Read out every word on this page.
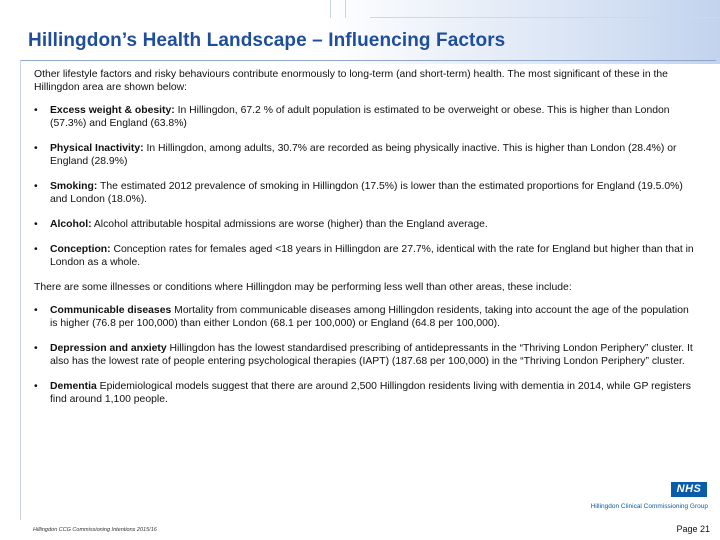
Hillingdon’s Health Landscape – Influencing Factors

Other lifestyle factors and risky behaviours contribute enormously to long-term (and short-term) health. The most significant of these in the Hillingdon area are shown below:

• Excess weight & obesity: In Hillingdon, 67.2 % of adult population is estimated to be overweight or obese. This is higher than London (57.3%) and England (63.8%)
• Physical Inactivity: In Hillingdon, among adults, 30.7% are recorded as being physically inactive. This is higher than London (28.4%) or England (28.9%)
• Smoking: The estimated 2012 prevalence of smoking in Hillingdon (17.5%) is lower than the estimated proportions for England (19.5.0%) and London (18.0%).
• Alcohol: Alcohol attributable hospital admissions are worse (higher) than the England average.
• Conception: Conception rates for females aged <18 years in Hillingdon are 27.7%, identical with the rate for England but higher than that in London as a whole.

There are some illnesses or conditions where Hillingdon may be performing less well than other areas, these include:

• Communicable diseases Mortality from communicable diseases among Hillingdon residents, taking into account the age of the population is higher (76.8 per 100,000) than either London (68.1 per 100,000) or England (64.8 per 100,000).
• Depression and anxiety Hillingdon has the lowest standardised prescribing of antidepressants in the “Thriving London Periphery” cluster. It also has the lowest rate of people entering psychological therapies (IAPT) (187.68 per 100,000) in the “Thriving London Periphery” cluster.
• Dementia Epidemiological models suggest that there are around 2,500 Hillingdon residents living with dementia in 2014, while GP registers find around 1,100 people.
NHS
Hillingdon Clinical Commissioning Group
Hillingdon CCG Commissioning Intentions 2015/16	Page 21
